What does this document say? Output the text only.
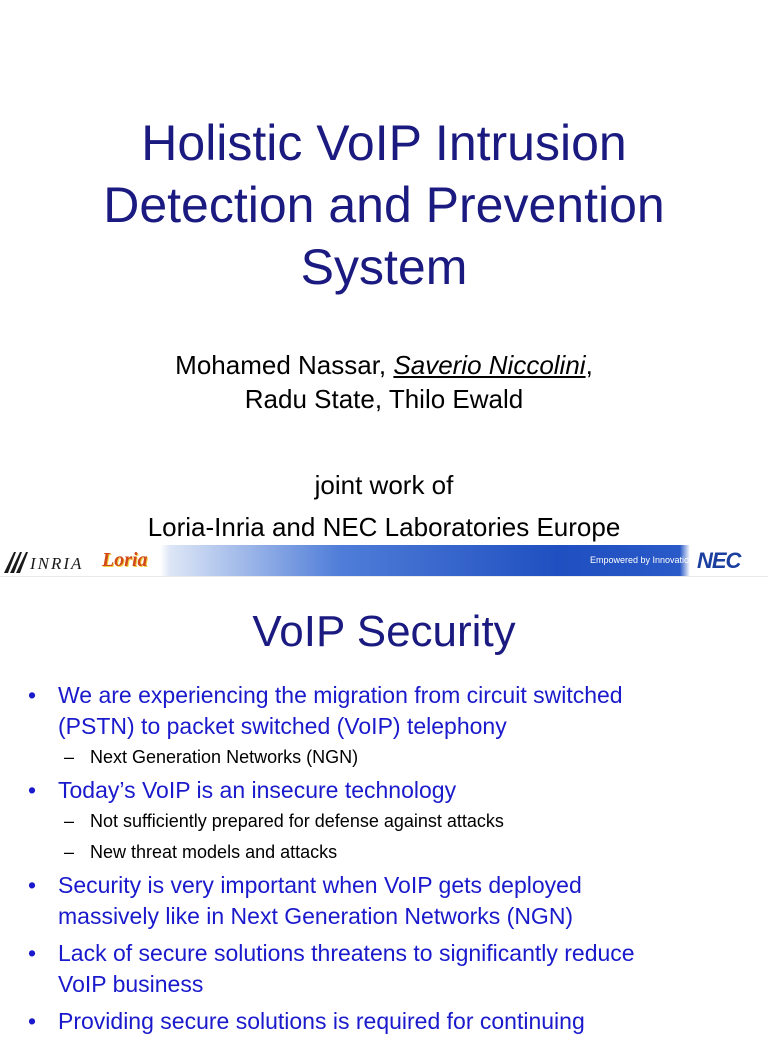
Holistic VoIP Intrusion
Detection and Prevention
System
Mohamed Nassar, Saverio Niccolini,
Radu State, Thilo Ewald
joint work of
Loria-Inria and NEC Laboratories Europe
INRIA Loria	Empowered by Innovation NEC
VoIP Security
• We are experiencing the migration from circuit switched
(PSTN) to packet switched (VoIP) telephony
– Next Generation Networks (NGN)
• Today’s VoIP is an insecure technology
– Not sufficiently prepared for defense against attacks
– New threat models and attacks
• Security is very important when VoIP gets deployed
massively like in Next Generation Networks (NGN)
• Lack of secure solutions threatens to significantly reduce
VoIP business
• Providing secure solutions is required for continuing
